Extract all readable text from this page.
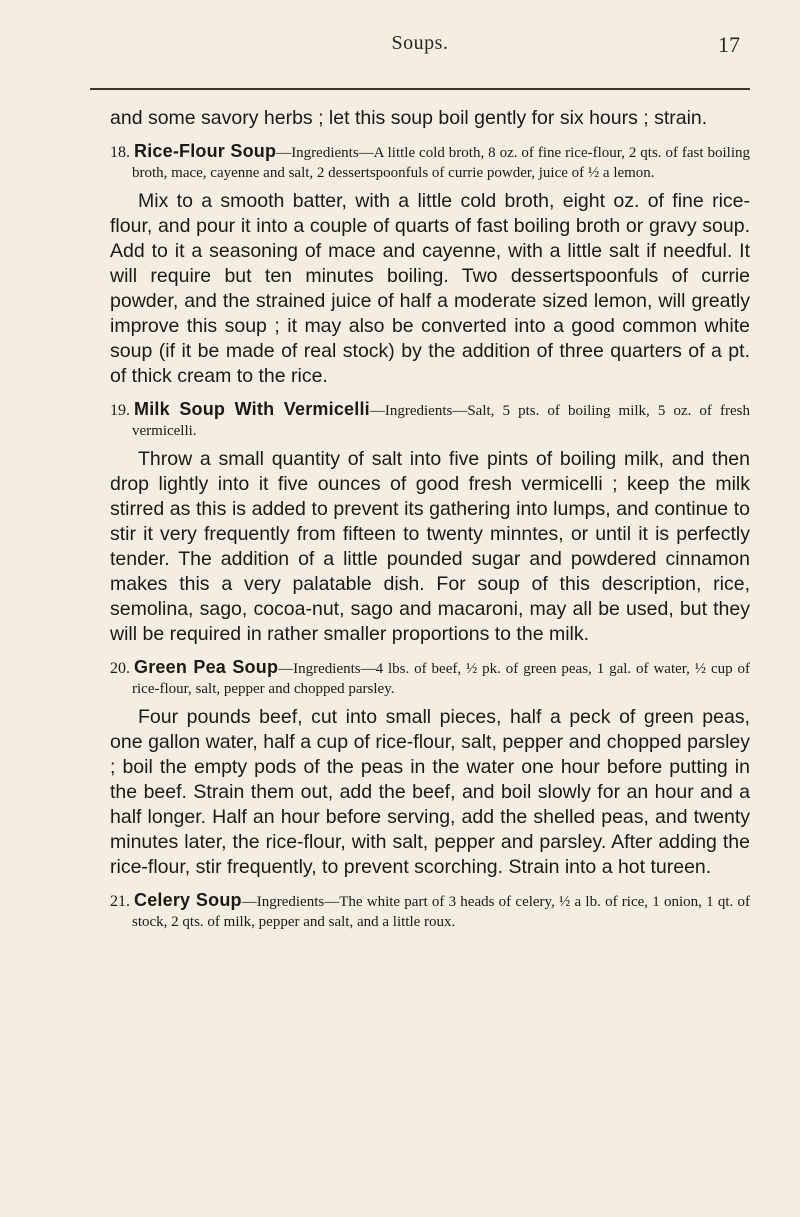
Soups.	17

and some savory herbs ; let this soup boil gently for six hours ; strain.

18. Rice-Flour Soup—Ingredients—A little cold broth, 8 oz. of fine rice-flour, 2 qts. of fast boiling broth, mace, cayenne and salt, 2 dessertspoonfuls of currie powder, juice of ½ a lemon.

Mix to a smooth batter, with a little cold broth, eight oz. of fine rice-flour, and pour it into a couple of quarts of fast boiling broth or gravy soup. Add to it a seasoning of mace and cayenne, with a little salt if needful. It will require but ten minutes boiling. Two dessertspoonfuls of currie powder, and the strained juice of half a moderate sized lemon, will greatly improve this soup ; it may also be converted into a good common white soup (if it be made of real stock) by the addition of three quarters of a pt. of thick cream to the rice.

19. Milk Soup With Vermicelli—Ingredients—Salt, 5 pts. of boiling milk, 5 oz. of fresh vermicelli.

Throw a small quantity of salt into five pints of boiling milk, and then drop lightly into it five ounces of good fresh vermicelli ; keep the milk stirred as this is added to prevent its gathering into lumps, and continue to stir it very frequently from fifteen to twenty minntes, or until it is perfectly tender. The addition of a little pounded sugar and powdered cinnamon makes this a very palatable dish. For soup of this description, rice, semolina, sago, cocoa-nut, sago and macaroni, may all be used, but they will be required in rather smaller proportions to the milk.

20. Green Pea Soup—Ingredients—4 lbs. of beef, ½ pk. of green peas, 1 gal. of water, ½ cup of rice-flour, salt, pepper and chopped parsley.

Four pounds beef, cut into small pieces, half a peck of green peas, one gallon water, half a cup of rice-flour, salt, pepper and chopped parsley ; boil the empty pods of the peas in the water one hour before putting in the beef. Strain them out, add the beef, and boil slowly for an hour and a half longer. Half an hour before serving, add the shelled peas, and twenty minutes later, the rice-flour, with salt, pepper and parsley. After adding the rice-flour, stir frequently, to prevent scorching. Strain into a hot tureen.

21. Celery Soup—Ingredients—The white part of 3 heads of celery, ½ a lb. of rice, 1 onion, 1 qt. of stock, 2 qts. of milk, pepper and salt, and a little roux.
